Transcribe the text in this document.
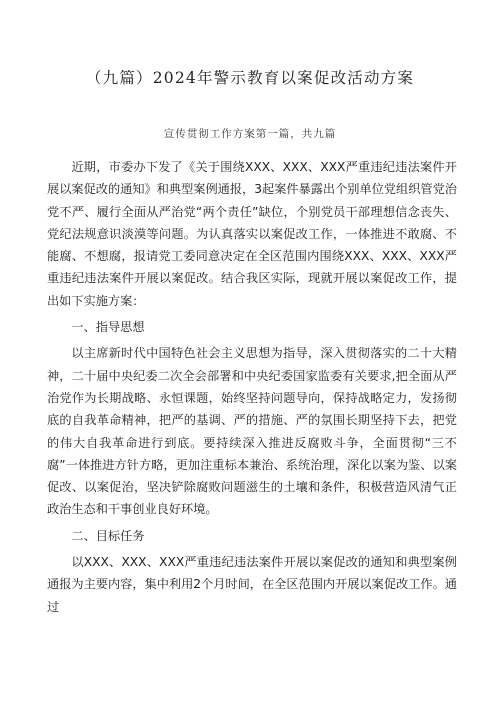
（九篇）2024年警示教育以案促改活动方案
宣传贯彻工作方案第一篇，共九篇

近期，市委办下发了《关于围绕XXX、XXX、XXX严重违纪违法案件开展以案促改的通知》和典型案例通报，3起案件暴露出个别单位党组织管党治党不严、履行全面从严治党“两个责任”缺位，个别党员干部理想信念丧失、党纪法规意识淡漠等问题。为认真落实以案促改工作，一体推进不敢腐、不能腐、不想腐，报请党工委同意决定在全区范围内围绕XXX、XXX、XXX严重违纪违法案件开展以案促改。结合我区实际，现就开展以案促改工作，提出如下实施方案：

一、指导思想

以主席新时代中国特色社会主义思想为指导，深入贯彻落实的二十大精神，二十届中央纪委二次全会部署和中央纪委国家监委有关要求,把全面从严治党作为长期战略、永恒课题，始终坚持问题导向，保持战略定力，发扬彻底的自我革命精神，把严的基调、严的措施、严的氛围长期坚持下去，把党的伟大自我革命进行到底。要持续深入推进反腐败斗争，全面贯彻“三不腐”一体推进方针方略，更加注重标本兼治、系统治理，深化以案为鉴、以案促改、以案促治，坚决铲除腐败问题滋生的土壤和条件，积极营造风清气正政治生态和干事创业良好环境。

二、目标任务

以XXX、XXX、XXX严重违纪违法案件开展以案促改的通知和典型案例通报为主要内容，集中利用2个月时间，在全区范围内开展以案促改工作。通过
